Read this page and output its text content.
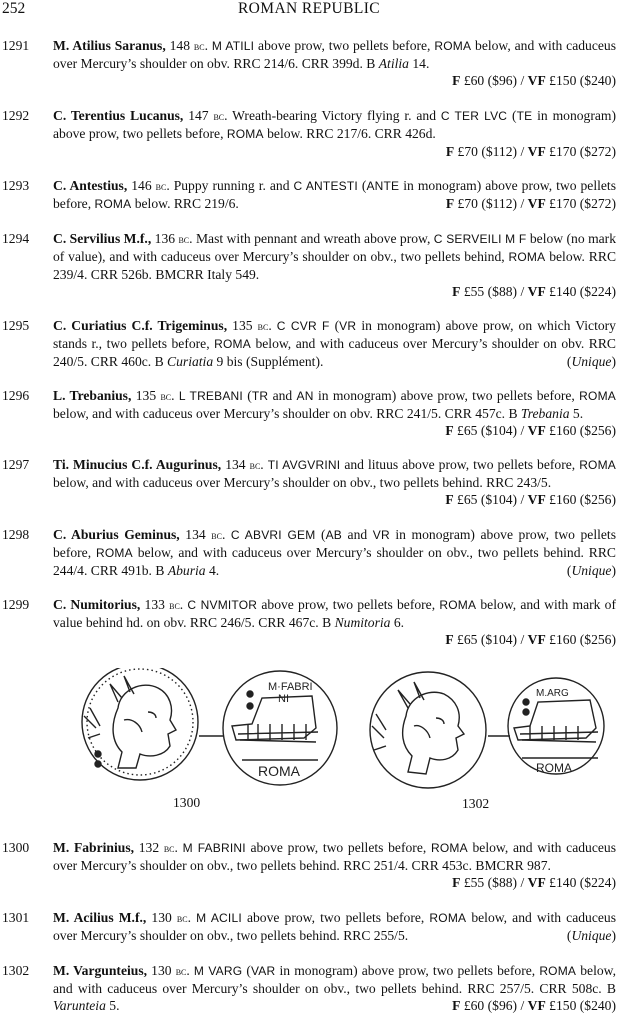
252	ROMAN REPUBLIC
1291 M. Atilius Saranus, 148 bc. M ATILI above prow, two pellets before, ROMA below, and with caduceus over Mercury’s shoulder on obv. RRC 214/6. CRR 399d. B Atilia 14.
F £60 ($96) / VF £150 ($240)
1292 C. Terentius Lucanus, 147 bc. Wreath-bearing Victory flying r. and C TER LVC (TE in monogram) above prow, two pellets before, ROMA below. RRC 217/6. CRR 426d.
F £70 ($112) / VF £170 ($272)
1293 C. Antestius, 146 bc. Puppy running r. and C ANTESTI (ANTE in monogram) above prow, two pellets before, ROMA below. RRC 219/6.	F £70 ($112) / VF £170 ($272)
1294 C. Servilius M.f., 136 bc. Mast with pennant and wreath above prow, C SERVEILI M F below (no mark of value), and with caduceus over Mercury’s shoulder on obv., two pellets behind, ROMA below. RRC 239/4. CRR 526b. BMCRR Italy 549.
F £55 ($88) / VF £140 ($224)
1295 C. Curiatius C.f. Trigeminus, 135 bc. C CVR F (VR in monogram) above prow, on which Victory stands r., two pellets before, ROMA below, and with caduceus over Mercury’s shoulder on obv. RRC 240/5. CRR 460c. B Curiatia 9 bis (Supplément).	(Unique)
1296 L. Trebanius, 135 bc. L TREBANI (TR and AN in monogram) above prow, two pellets before, ROMA below, and with caduceus over Mercury’s shoulder on obv. RRC 241/5. CRR 457c. B Trebania 5.
F £65 ($104) / VF £160 ($256)
1297 Ti. Minucius C.f. Augurinus, 134 bc. TI AVGVRINI and lituus above prow, two pellets before, ROMA below, and with caduceus over Mercury’s shoulder on obv., two pellets behind. RRC 243/5.
F £65 ($104) / VF £160 ($256)
1298 C. Aburius Geminus, 134 bc. C ABVRI GEM (AB and VR in monogram) above prow, two pellets before, ROMA below, and with caduceus over Mercury’s shoulder on obv., two pellets behind. RRC 244/4. CRR 491b. B Aburia 4.	(Unique)
1299 C. Numitorius, 133 bc. C NVMITOR above prow, two pellets before, ROMA below, and with mark of value behind hd. on obv. RRC 246/5. CRR 467c. B Numitoria 6.
F £65 ($104) / VF £160 ($256)
M·FABRI
NI
ROMA
M.ARG
ROMA
1300	1302
1300 M. Fabrinius, 132 bc. M FABRINI above prow, two pellets before, ROMA below, and with caduceus over Mercury’s shoulder on obv., two pellets behind. RRC 251/4. CRR 453c. BMCRR 987.
F £55 ($88) / VF £140 ($224)
1301 M. Acilius M.f., 130 bc. M ACILI above prow, two pellets before, ROMA below, and with caduceus over Mercury’s shoulder on obv., two pellets behind. RRC 255/5.	(Unique)
1302 M. Vargunteius, 130 bc. M VARG (VAR in monogram) above prow, two pellets before, ROMA below, and with caduceus over Mercury’s shoulder on obv., two pellets behind. RRC 257/5. CRR 508c. B Varunteia 5.	F £60 ($96) / VF £150 ($240)
